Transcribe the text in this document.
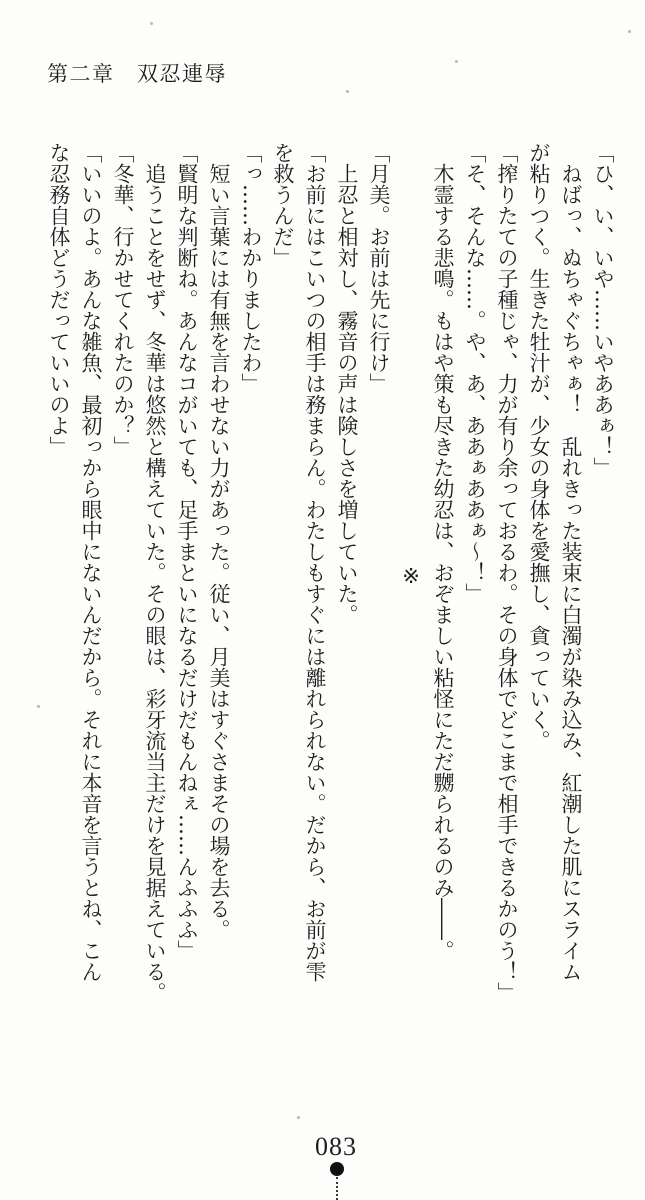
第二章　双忍連辱

「ひ、い、いや……いやああぁ！」

　ねばっ、ぬちゃぐちゃぁ！　乱れきった装束に白濁が染み込み、紅潮した肌にスライム

が粘りつく。生きた牡汁が、少女の身体を愛撫し、貪っていく。

「搾りたての子種じゃ、力が有り余っておるわ。その身体でどこまで相手できるかのう！」

「そ、そんな……。や、あ、ああぁああぁ～！」

　木霊する悲鳴。もはや策も尽きた幼忍は、おぞましい粘怪にただ嬲られるのみ――。

※

「月美。お前は先に行け」

　上忍と相対し、霧音の声は険しさを増していた。

「お前にはこいつの相手は務まらん。わたしもすぐには離れられない。だから、お前が雫

を救うんだ」

「っ……わかりましたわ」

　短い言葉には有無を言わせない力があった。従い、月美はすぐさまその場を去る。

「賢明な判断ね。あんなコがいても、足手まといになるだけだもんねぇ……んふふふ」

　追うことをせず、冬華は悠然と構えていた。その眼は、彩牙流当主だけを見据えている。

「冬華、行かせてくれたのか？」

「いいのよ。あんな雑魚、最初っから眼中にないんだから。それに本音を言うとね、こん

な忍務自体どうだっていいのよ」

083
